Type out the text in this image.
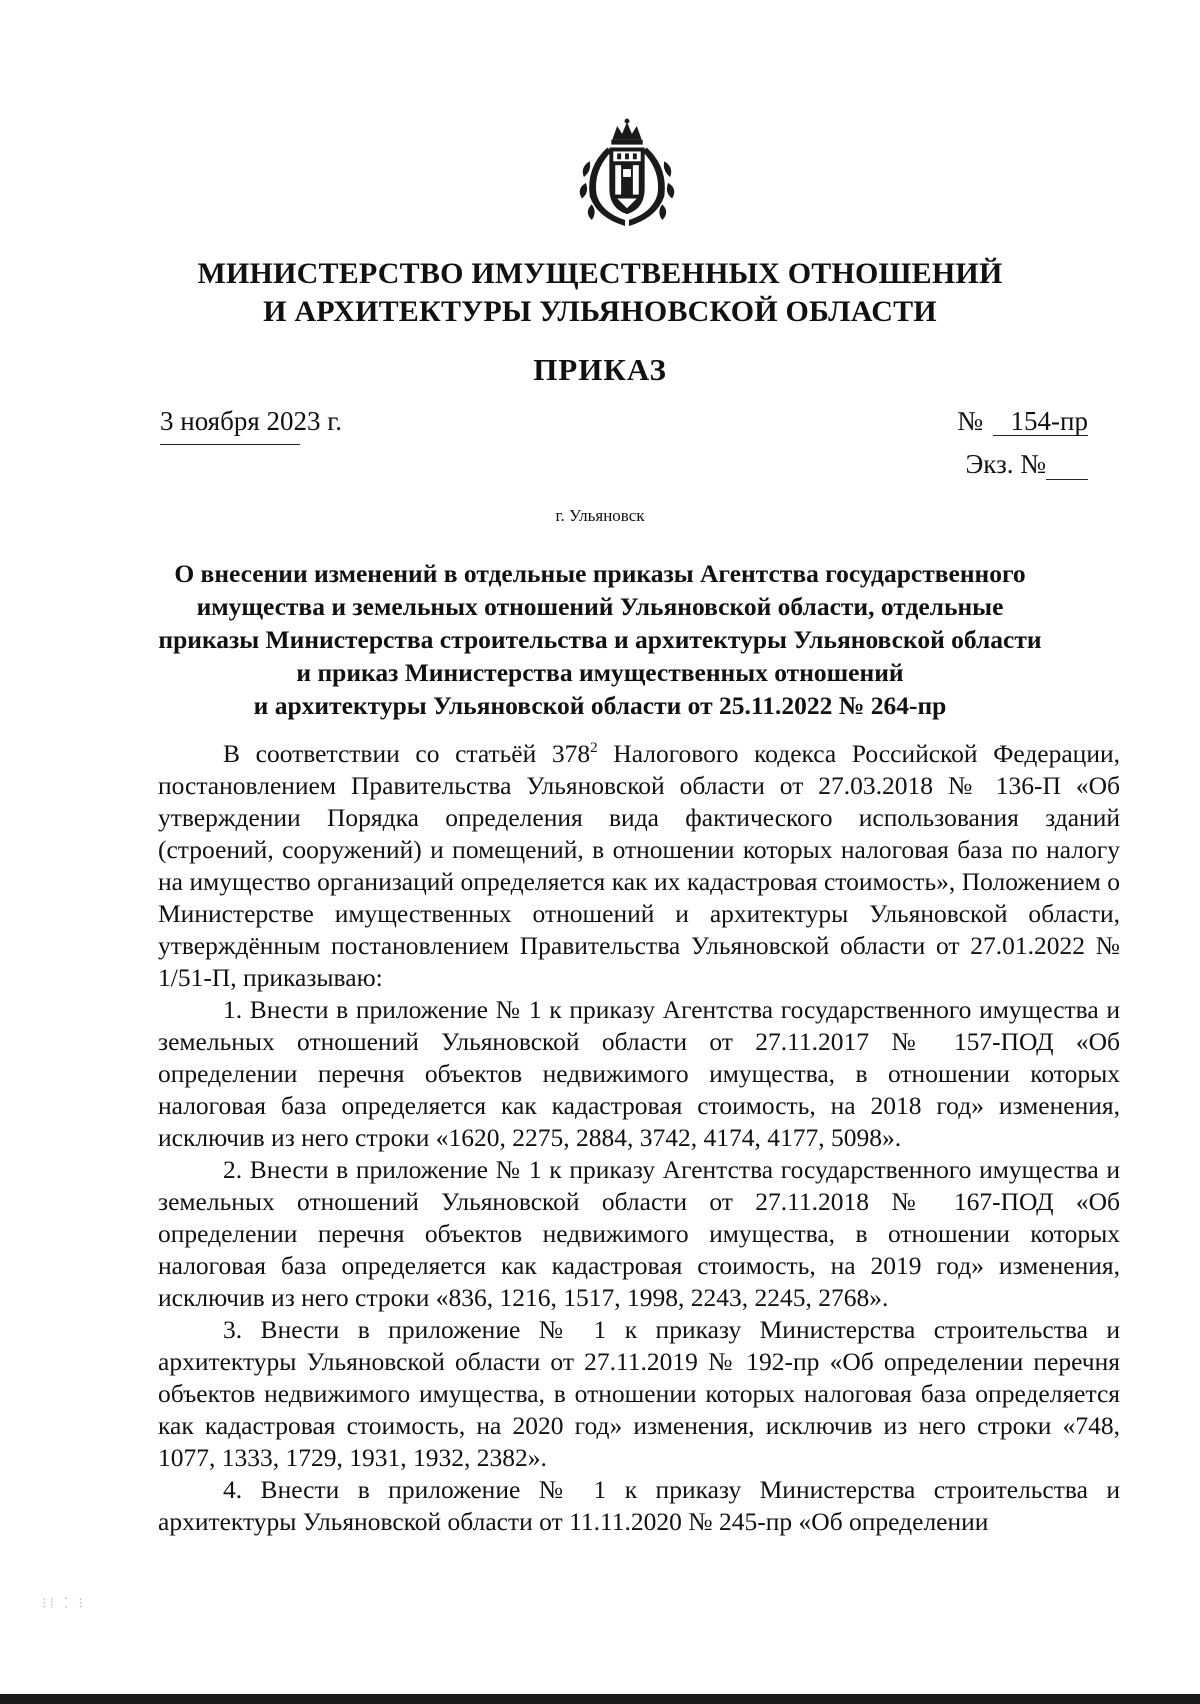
МИНИСТЕРСТВО ИМУЩЕСТВЕННЫХ ОТНОШЕНИЙ
И АРХИТЕКТУРЫ УЛЬЯНОВСКОЙ ОБЛАСТИ
ПРИКАЗ
3 ноября 2023 г.	№ 154-пр
Экз. №
г. Ульяновск
О внесении изменений в отдельные приказы Агентства государственного
имущества и земельных отношений Ульяновской области, отдельные
приказы Министерства строительства и архитектуры Ульяновской области
и приказ Министерства имущественных отношений
и архитектуры Ульяновской области от 25.11.2022 № 264-пр

В соответствии со статьёй $378^2$ Налогового кодекса Российской Федерации, постановлением Правительства Ульяновской области от 27.03.2018 № 136-П «Об утверждении Порядка определения вида фактического использования зданий (строений, сооружений) и помещений, в отношении которых налоговая база по налогу на имущество организаций определяется как их кадастровая стоимость», Положением о Министерстве имущественных отношений и архитектуры Ульяновской области, утверждённым постановлением Правительства Ульяновской области от 27.01.2022 № 1/51-П, приказываю:

1. Внести в приложение № 1 к приказу Агентства государственного имущества и земельных отношений Ульяновской области от 27.11.2017 № 157-ПОД «Об определении перечня объектов недвижимого имущества, в отношении которых налоговая база определяется как кадастровая стоимость, на 2018 год» изменения, исключив из него строки «1620, 2275, 2884, 3742, 4174, 4177, 5098».

2. Внести в приложение № 1 к приказу Агентства государственного имущества и земельных отношений Ульяновской области от 27.11.2018 № 167-ПОД «Об определении перечня объектов недвижимого имущества, в отношении которых налоговая база определяется как кадастровая стоимость, на 2019 год» изменения, исключив из него строки «836, 1216, 1517, 1998, 2243, 2245, 2768».

3. Внести в приложение № 1 к приказу Министерства строительства и архитектуры Ульяновской области от 27.11.2019 № 192-пр «Об определении перечня объектов недвижимого имущества, в отношении которых налоговая база определяется как кадастровая стоимость, на 2020 год» изменения, исключив из него строки «748, 1077, 1333, 1729, 1931, 1932, 2382».

4. Внести в приложение № 1 к приказу Министерства строительства и архитектуры Ульяновской области от 11.11.2020 № 245-пр «Об определении

⁝⁞ ⁚ ⁝
